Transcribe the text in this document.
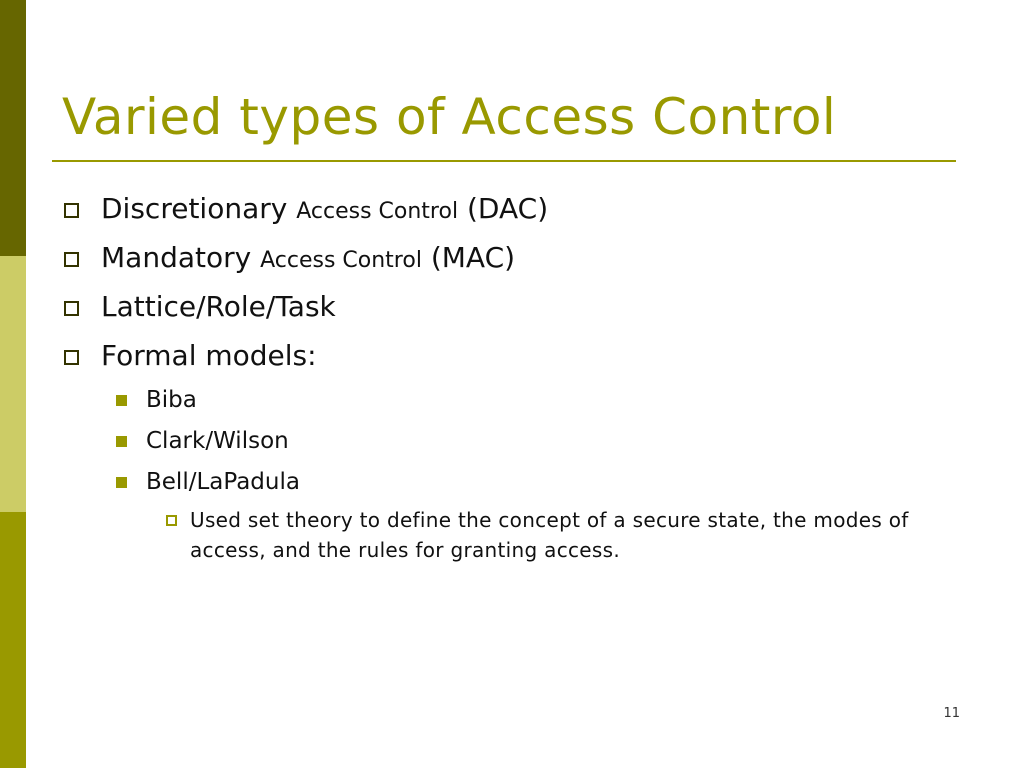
Varied types of Access Control
Discretionary Access Control (DAC)
Mandatory Access Control (MAC)
Lattice/Role/Task
Formal models:
Biba
Clark/Wilson
Bell/LaPadula
Used set theory to define the concept of a secure state, the modes of access, and the rules for granting access.
11
